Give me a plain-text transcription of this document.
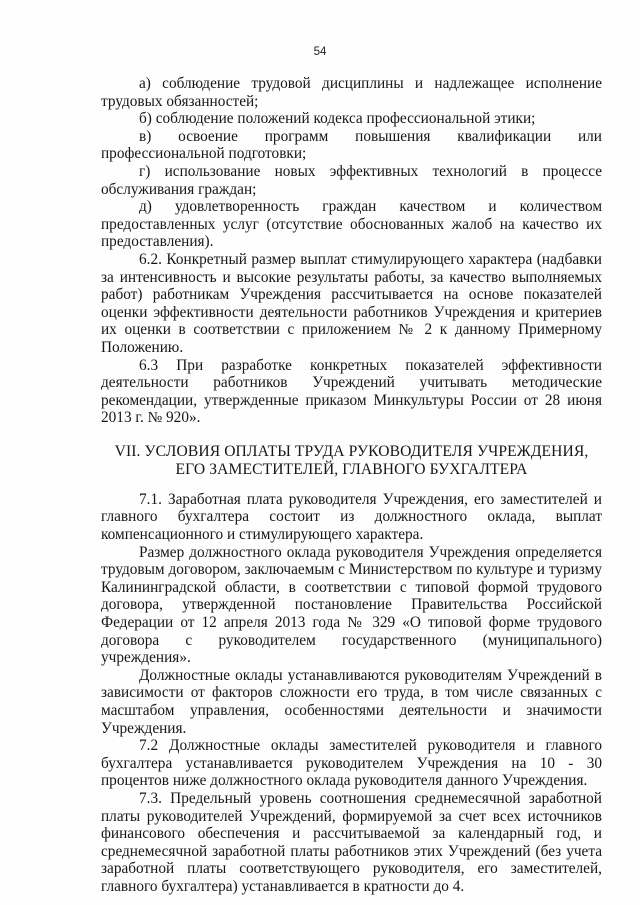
54

а) соблюдение трудовой дисциплины и надлежащее исполнение трудовых обязанностей;

б) соблюдение положений кодекса профессиональной этики;

в) освоение программ повышения квалификации или профессиональной подготовки;

г) использование новых эффективных технологий в процессе обслуживания граждан;

д) удовлетворенность граждан качеством и количеством предоставленных услуг (отсутствие обоснованных жалоб на качество их предоставления).

6.2. Конкретный размер выплат стимулирующего характера (надбавки за интенсивность и высокие результаты работы, за качество выполняемых работ) работникам Учреждения рассчитывается на основе показателей оценки эффективности деятельности работников Учреждения и критериев их оценки в соответствии с приложением № 2 к данному Примерному Положению.

6.3 При разработке конкретных показателей эффективности деятельности работников Учреждений учитывать методические рекомендации, утвержденные приказом Минкультуры России от 28 июня 2013 г. № 920».

VII. УСЛОВИЯ ОПЛАТЫ ТРУДА РУКОВОДИТЕЛЯ УЧРЕЖДЕНИЯ,
ЕГО ЗАМЕСТИТЕЛЕЙ, ГЛАВНОГО БУХГАЛТЕРА

7.1. Заработная плата руководителя Учреждения, его заместителей и главного бухгалтера состоит из должностного оклада, выплат компенсационного и стимулирующего характера.

Размер должностного оклада руководителя Учреждения определяется трудовым договором, заключаемым с Министерством по культуре и туризму Калининградской области, в соответствии с типовой формой трудового договора, утвержденной постановление Правительства Российской Федерации от 12 апреля 2013 года № 329 «О типовой форме трудового договора с руководителем государственного (муниципального) учреждения».

Должностные оклады устанавливаются руководителям Учреждений в зависимости от факторов сложности его труда, в том числе связанных с масштабом управления, особенностями деятельности и значимости Учреждения.

7.2 Должностные оклады заместителей руководителя и главного бухгалтера устанавливается руководителем Учреждения на 10 - 30 процентов ниже должностного оклада руководителя данного Учреждения.

7.3. Предельный уровень соотношения среднемесячной заработной платы руководителей Учреждений, формируемой за счет всех источников финансового обеспечения и рассчитываемой за календарный год, и среднемесячной заработной платы работников этих Учреждений (без учета заработной платы соответствующего руководителя, его заместителей, главного бухгалтера) устанавливается в кратности до 4.
